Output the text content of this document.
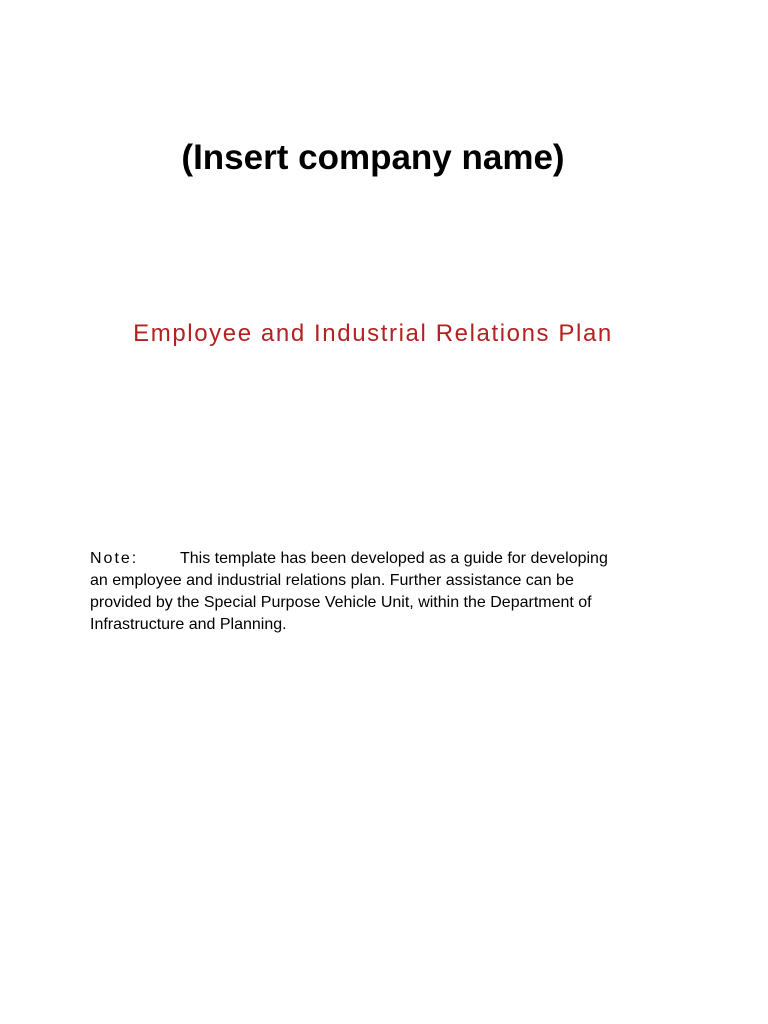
(Insert company name)
Employee and Industrial Relations Plan
Note:	This template has been developed as a guide for developing
an employee and industrial relations plan. Further assistance can be
provided by the Special Purpose Vehicle Unit, within the Department of
Infrastructure and Planning.
